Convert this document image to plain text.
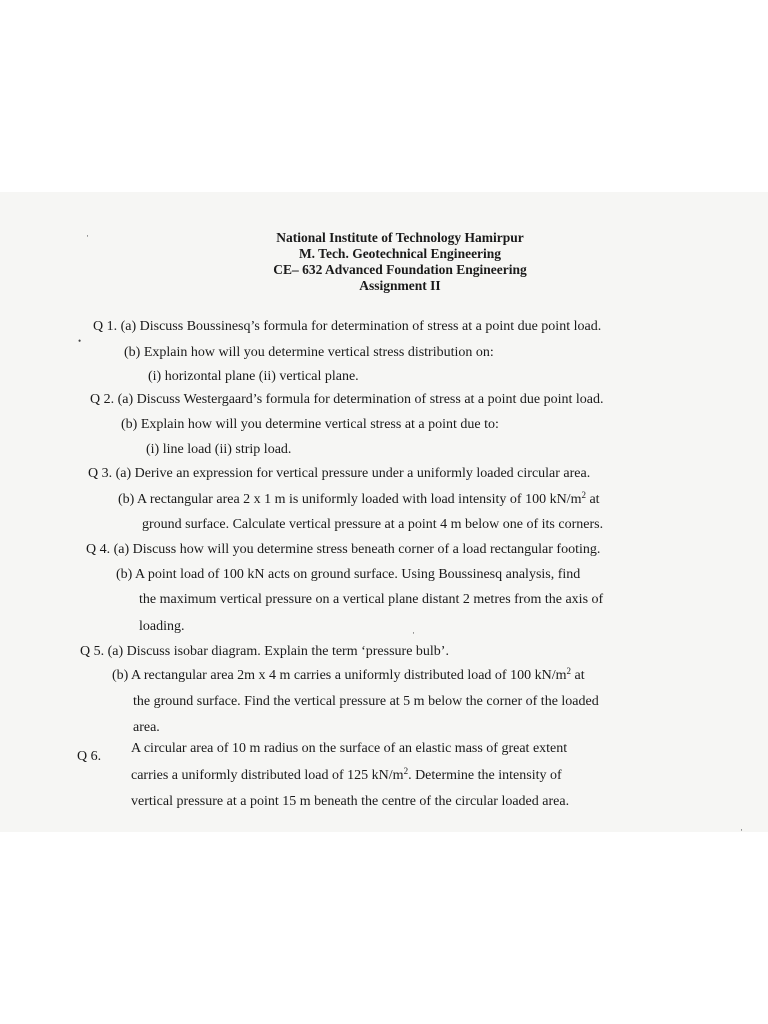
National Institute of Technology Hamirpur
M. Tech. Geotechnical Engineering
CE– 632 Advanced Foundation Engineering
Assignment II
Q 1. (a) Discuss Boussinesq’s formula for determination of stress at a point due point load.
(b) Explain how will you determine vertical stress distribution on:
(i) horizontal plane (ii) vertical plane.
Q 2. (a) Discuss Westergaard’s formula for determination of stress at a point due point load.
(b) Explain how will you determine vertical stress at a point due to:
(i) line load (ii) strip load.
Q 3. (a) Derive an expression for vertical pressure under a uniformly loaded circular area.
(b) A rectangular area 2 x 1 m is uniformly loaded with load intensity of 100 $kN/m^2$ at
ground surface. Calculate vertical pressure at a point 4 m below one of its corners.
Q 4. (a) Discuss how will you determine stress beneath corner of a load rectangular footing.
(b) A point load of 100 kN acts on ground surface. Using Boussinesq analysis, find
the maximum vertical pressure on a vertical plane distant 2 metres from the axis of
loading.
Q 5. (a) Discuss isobar diagram. Explain the term ‘pressure bulb’.
(b) A rectangular area 2m x 4 m carries a uniformly distributed load of 100 $kN/m^2$ at
the ground surface. Find the vertical pressure at 5 m below the corner of the loaded
area.
Q 6.
A circular area of 10 m radius on the surface of an elastic mass of great extent
carries a uniformly distributed load of 125 $kN/m^2$. Determine the intensity of
vertical pressure at a point 15 m beneath the centre of the circular loaded area.
·
•
·
·
